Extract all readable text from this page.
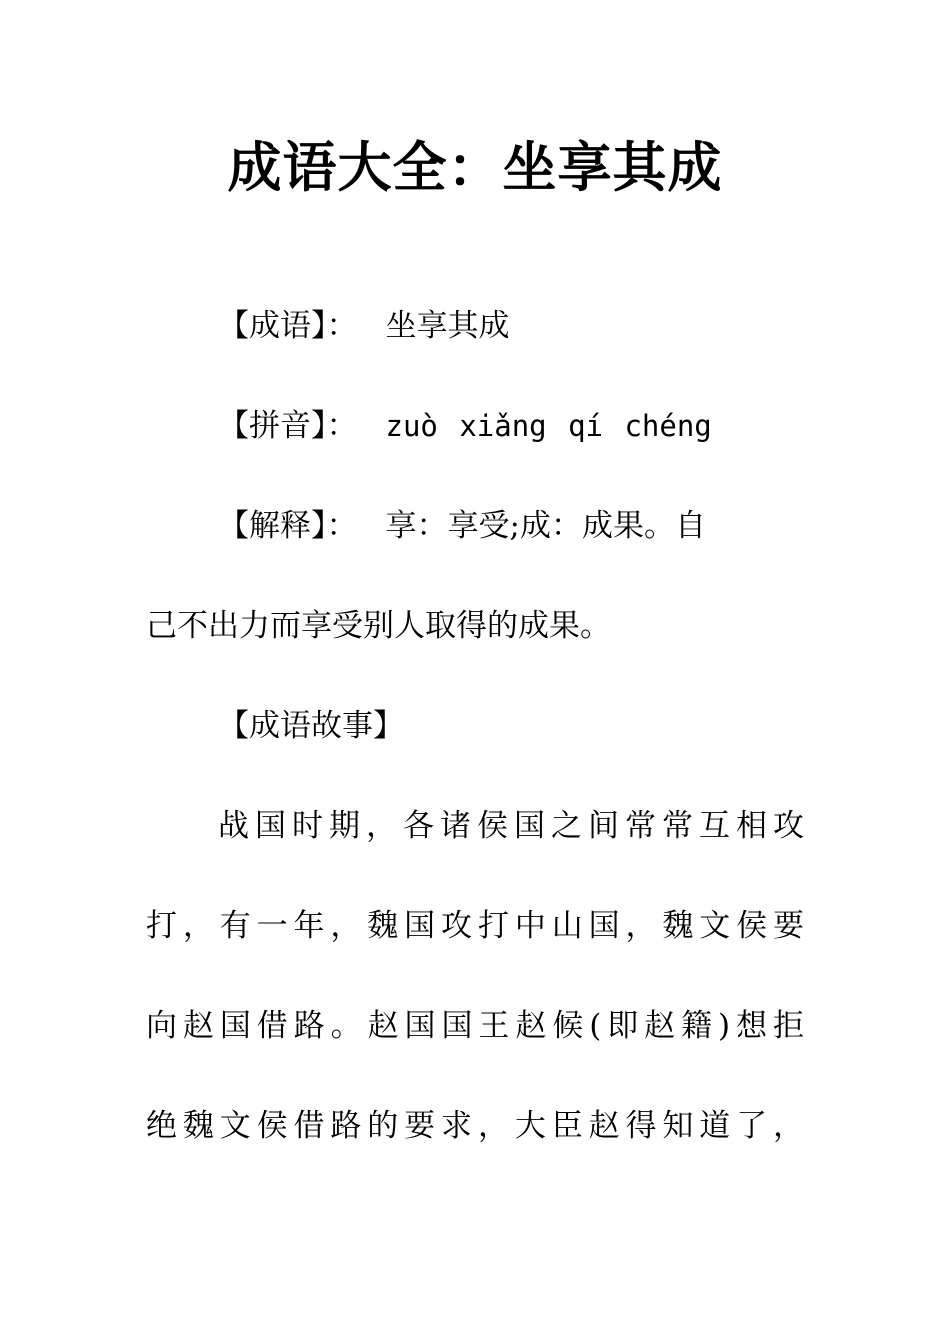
成语大全：坐享其成
【成语】： 坐享其成
【拼音】： zuò xiǎng qí chéng
【解释】： 享：享受;成：成果。自
己不出力而享受别人取得的成果。
【成语故事】
战国时期，各诸侯国之间常常互相攻
打，有一年，魏国攻打中山国，魏文侯要
向赵国借路。赵国国王赵候(即赵籍)想拒
绝魏文侯借路的要求，大臣赵得知道了，
